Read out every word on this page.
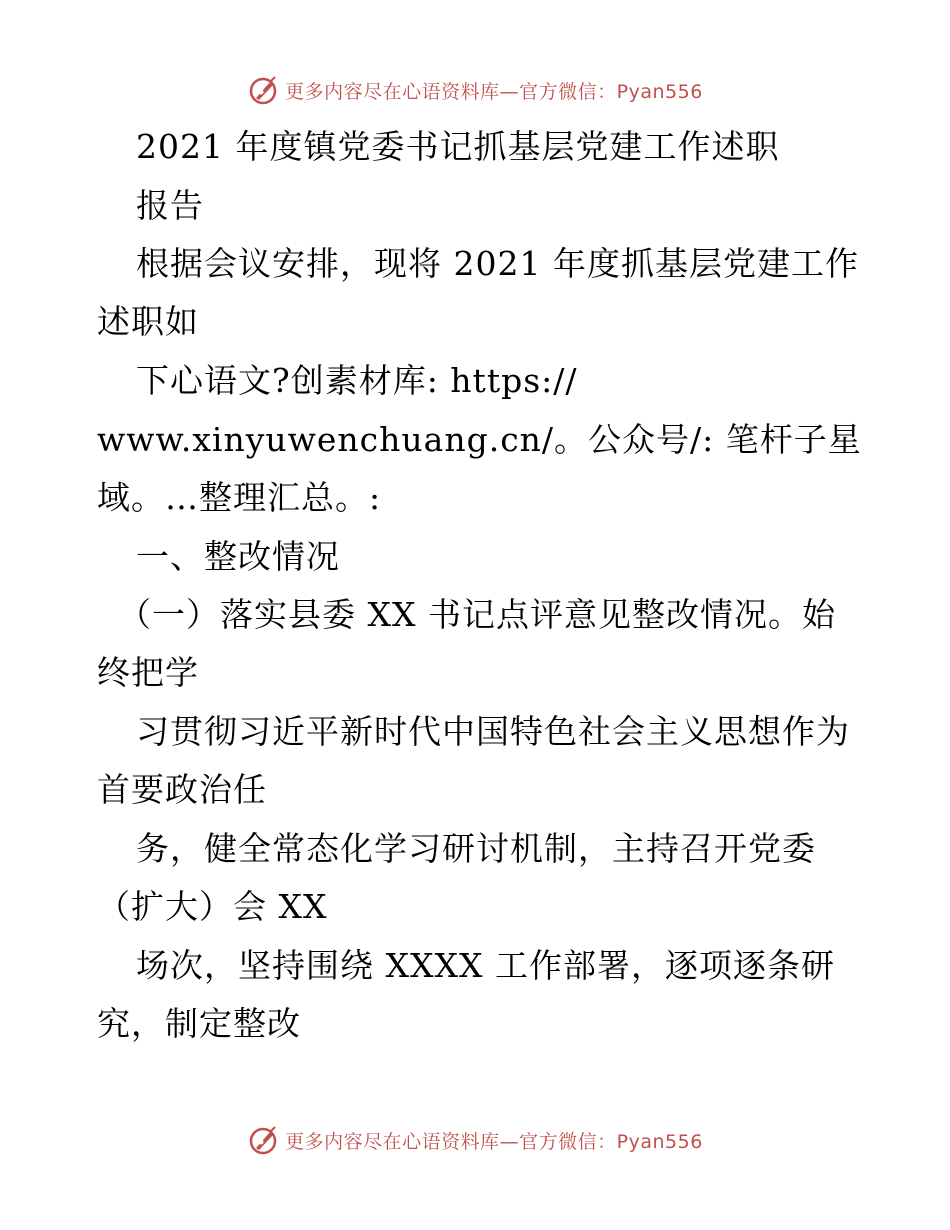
更多内容尽在心语资料库—官方微信：Pyan556
2021 年度镇党委书记抓基层党建工作述职
报告
根据会议安排，现将 2021 年度抓基层党建工作
述职如
下心语文?创素材库: https://
www.xinyuwenchuang.cn/。公众号/: 笔杆子星
域。…整理汇总。:
一、整改情况
（一）落实县委 XX 书记点评意见整改情况。始
终把学
习贯彻习近平新时代中国特色社会主义思想作为
首要政治任
务，健全常态化学习研讨机制，主持召开党委
（扩大）会 XX
场次，坚持围绕 XXXX 工作部署，逐项逐条研
究，制定整改
更多内容尽在心语资料库—官方微信：Pyan556
